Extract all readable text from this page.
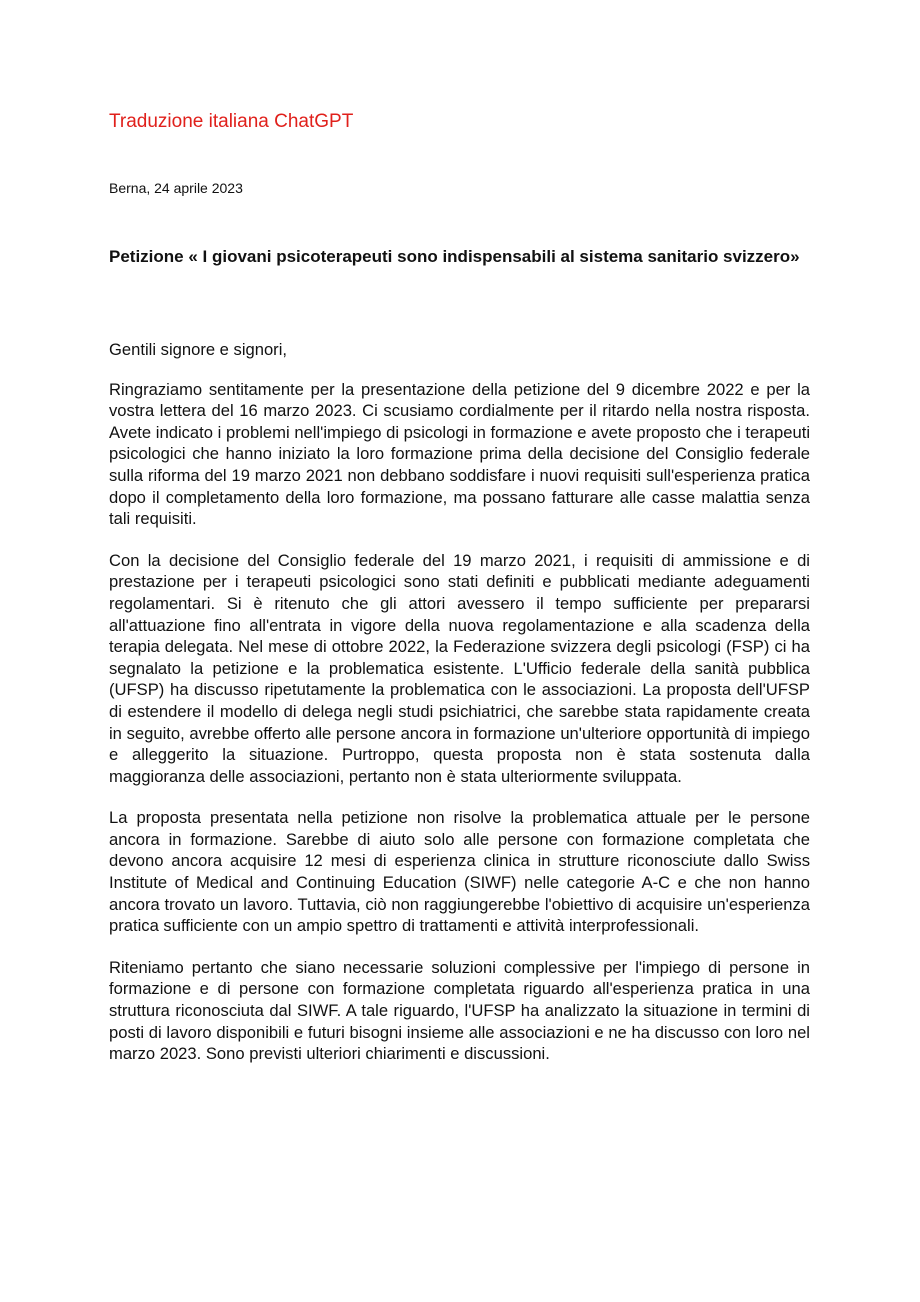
Traduzione italiana ChatGPT
Berna, 24 aprile 2023
Petizione « I giovani psicoterapeuti sono indispensabili al sistema sanitario svizzero»

Gentili signore e signori,

Ringraziamo sentitamente per la presentazione della petizione del 9 dicembre 2022 e per la vostra lettera del 16 marzo 2023. Ci scusiamo cordialmente per il ritardo nella nostra risposta. Avete indicato i problemi nell'impiego di psicologi in formazione e avete proposto che i terapeuti psicologici che hanno iniziato la loro formazione prima della decisione del Consiglio federale sulla riforma del 19 marzo 2021 non debbano soddisfare i nuovi requisiti sull'esperienza pratica dopo il completamento della loro formazione, ma possano fatturare alle casse malattia senza tali requisiti.

Con la decisione del Consiglio federale del 19 marzo 2021, i requisiti di ammissione e di prestazione per i terapeuti psicologici sono stati definiti e pubblicati mediante adeguamenti regolamentari. Si è ritenuto che gli attori avessero il tempo sufficiente per prepararsi all'attuazione fino all'entrata in vigore della nuova regolamentazione e alla scadenza della terapia delegata. Nel mese di ottobre 2022, la Federazione svizzera degli psicologi (FSP) ci ha segnalato la petizione e la problematica esistente. L'Ufficio federale della sanità pubblica (UFSP) ha discusso ripetutamente la problematica con le associazioni. La proposta dell'UFSP di estendere il modello di delega negli studi psichiatrici, che sarebbe stata rapidamente creata in seguito, avrebbe offerto alle persone ancora in formazione un'ulteriore opportunità di impiego e alleggerito la situazione. Purtroppo, questa proposta non è stata sostenuta dalla maggioranza delle associazioni, pertanto non è stata ulteriormente sviluppata.

La proposta presentata nella petizione non risolve la problematica attuale per le persone ancora in formazione. Sarebbe di aiuto solo alle persone con formazione completata che devono ancora acquisire 12 mesi di esperienza clinica in strutture riconosciute dallo Swiss Institute of Medical and Continuing Education (SIWF) nelle categorie A-C e che non hanno ancora trovato un lavoro. Tuttavia, ciò non raggiungerebbe l'obiettivo di acquisire un'esperienza pratica sufficiente con un ampio spettro di trattamenti e attività interprofessionali.

Riteniamo pertanto che siano necessarie soluzioni complessive per l'impiego di persone in formazione e di persone con formazione completata riguardo all'esperienza pratica in una struttura riconosciuta dal SIWF. A tale riguardo, l'UFSP ha analizzato la situazione in termini di posti di lavoro disponibili e futuri bisogni insieme alle associazioni e ne ha discusso con loro nel marzo 2023. Sono previsti ulteriori chiarimenti e discussioni.
